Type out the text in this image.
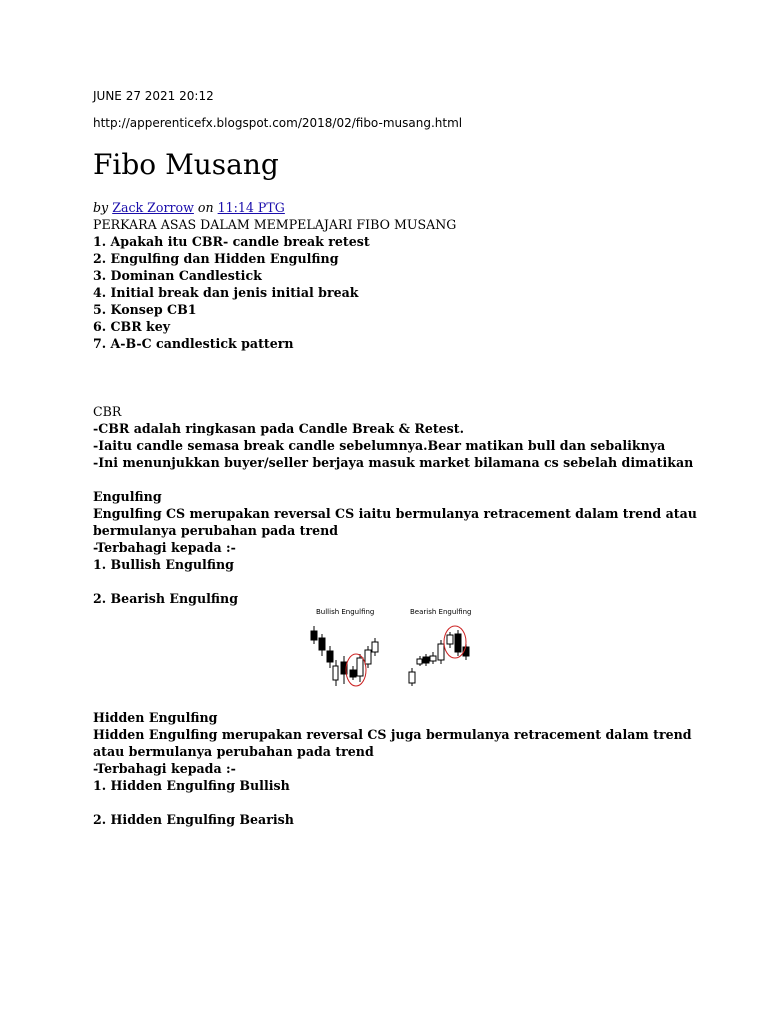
JUNE 27 2021 20:12
http://apperenticefx.blogspot.com/2018/02/fibo-musang.html
Fibo Musang
by Zack Zorrow on 11:14 PTG
PERKARA ASAS DALAM MEMPELAJARI FIBO MUSANG
1. Apakah itu CBR- candle break retest
2. Engulfing dan Hidden Engulfing
3. Dominan Candlestick
4. Initial break dan jenis initial break
5. Konsep CB1
6. CBR key
7. A-B-C candlestick pattern
CBR
-CBR adalah ringkasan pada Candle Break & Retest.
-Iaitu candle semasa break candle sebelumnya.Bear matikan bull dan sebaliknya
-Ini menunjukkan buyer/seller berjaya masuk market bilamana cs sebelah dimatikan
Engulfing
Engulfing CS merupakan reversal CS iaitu bermulanya retracement dalam trend atau
bermulanya perubahan pada trend
-Terbahagi kepada :-
1. Bullish Engulfing
2. Bearish Engulfing
Hidden Engulfing
Hidden Engulfing merupakan reversal CS juga bermulanya retracement dalam trend
atau bermulanya perubahan pada trend
-Terbahagi kepada :-
1. Hidden Engulfing Bullish
2. Hidden Engulfing Bearish
Bullish Engulfing	Bearish Engulfing
